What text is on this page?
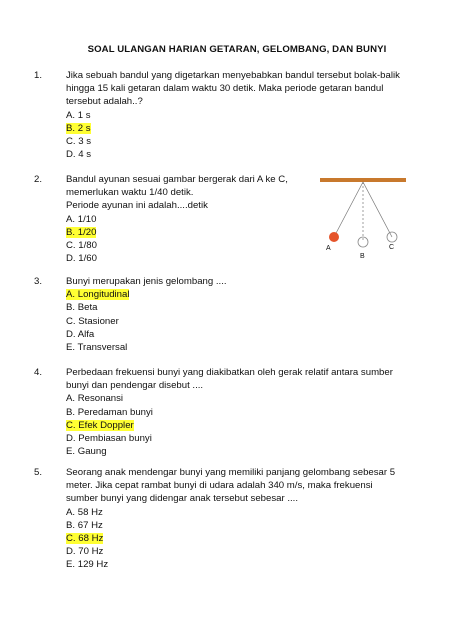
SOAL ULANGAN HARIAN GETARAN, GELOMBANG, DAN BUNYI
1.	Jika sebuah bandul yang digetarkan menyebabkan bandul tersebut bolak-balik
hingga 15 kali getaran dalam waktu 30 detik. Maka periode getaran bandul
tersebut adalah..?
A. 1 s
B. 2 s
C. 3 s
D. 4 s
2.	Bandul ayunan sesuai gambar bergerak dari A ke C,
memerlukan waktu 1/40 detik.
Periode ayunan ini adalah....detik
A. 1/10
B. 1/20
C. 1/80
D. 1/60
A
B
C
3.	Bunyi merupakan jenis gelombang ....
A. Longitudinal
B. Beta
C. Stasioner
D. Alfa
E. Transversal
4.	Perbedaan frekuensi bunyi yang diakibatkan oleh gerak relatif antara sumber
bunyi dan pendengar disebut ....
A. Resonansi
B. Peredaman bunyi
C. Efek Doppler
D. Pembiasan bunyi
E. Gaung
5.	Seorang anak mendengar bunyi yang memiliki panjang gelombang sebesar 5
meter. Jika cepat rambat bunyi di udara adalah 340 m/s, maka frekuensi
sumber bunyi yang didengar anak tersebut sebesar ....
A. 58 Hz
B. 67 Hz
C. 68 Hz
D. 70 Hz
E. 129 Hz
